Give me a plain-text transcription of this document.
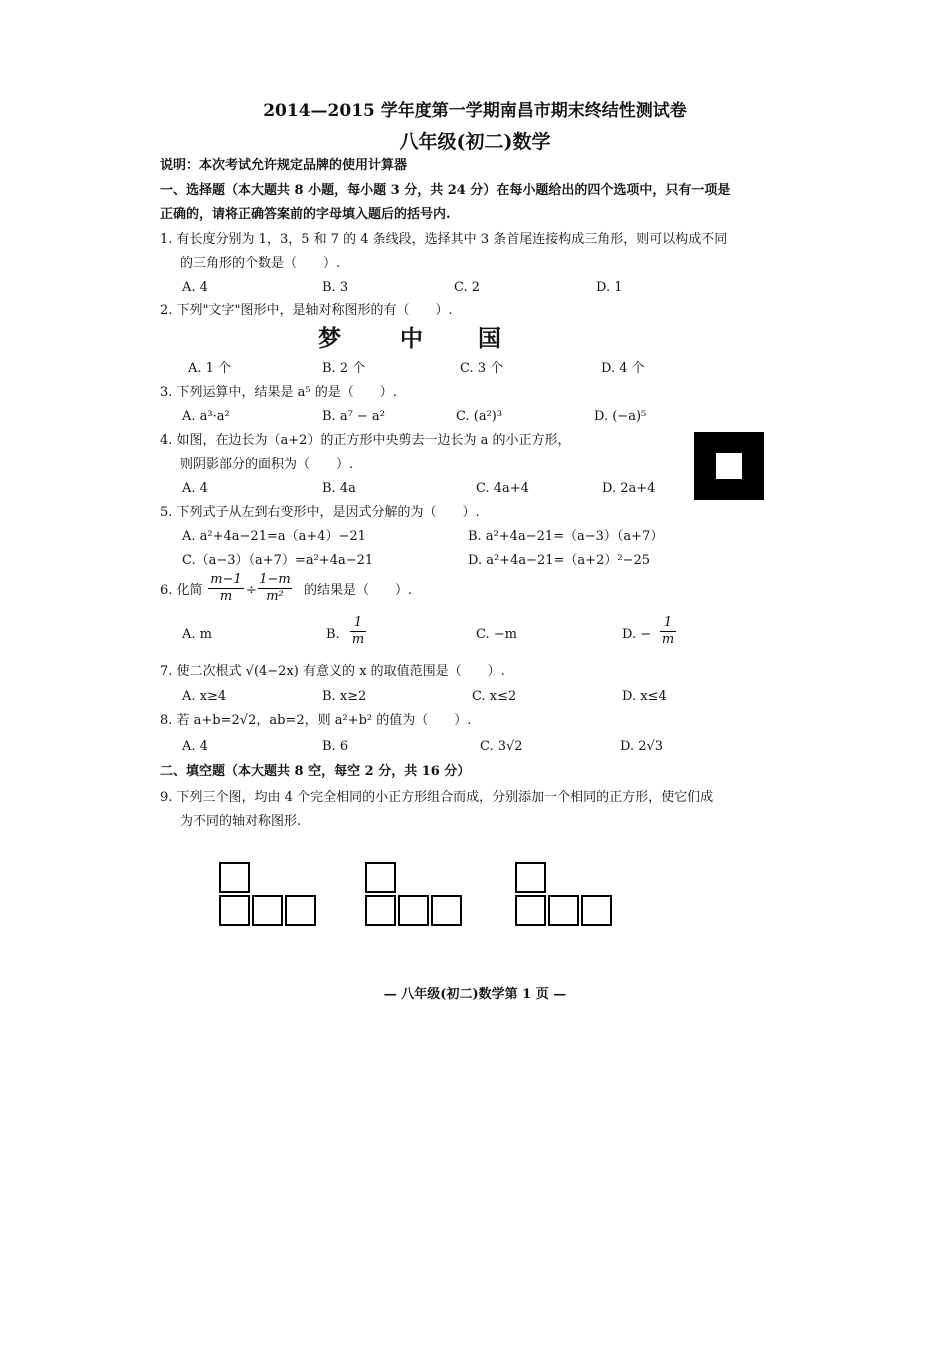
2014—2015 学年度第一学期南昌市期末终结性测试卷
八年级(初二)数学
说明：本次考试允许规定品牌的使用计算器
一、选择题（本大题共 8 小题，每小题 3 分，共 24 分）在每小题给出的四个选项中，只有一项是
正确的，请将正确答案前的字母填入题后的括号内.
1. 有长度分别为 1，3，5 和 7 的 4 条线段，选择其中 3 条首尾连接构成三角形，则可以构成不同
的三角形的个数是（　　）.
A. 4	B. 3	C. 2	D. 1
2. 下列"文字"图形中，是轴对称图形的有（　　）.
梦	中 国
A. 1 个	B. 2 个	C. 3 个	D. 4 个
3. 下列运算中，结果是 a⁵ 的是（　　）.
A. a³·a²	B. a⁷ − a²	C. (a²)³	D. (−a)⁵
4. 如图，在边长为（a+2）的正方形中央剪去一边长为 a 的小正方形，
则阴影部分的面积为（　　）.
A. 4	B. 4a	C. 4a+4	D. 2a+4
5. 下列式子从左到右变形中，是因式分解的为（　　）.
A. a²+4a−21=a（a+4）−21	B. a²+4a−21=（a−3）（a+7）
C.（a−3）（a+7）=a²+4a−21	D. a²+4a−21=（a+2）²−25
6. 化简
m−1
m	÷
1−m
m²	的结果是（　　）.
A. m	B.
1
m	C. −m	D. −
1
m
7. 使二次根式 √(4−2x) 有意义的 x 的取值范围是（　　）.
A. x≥4	B. x≥2	C. x≤2	D. x≤4
8. 若 a+b=2√2，ab=2，则 a²+b² 的值为（　　）.
A. 4	B. 6	C. 3√2	D. 2√3
二、填空题（本大题共 8 空，每空 2 分，共 16 分）
9. 下列三个图，均由 4 个完全相同的小正方形组合而成，分别添加一个相同的正方形，使它们成
为不同的轴对称图形.
— 八年级(初二)数学第 1 页 —
